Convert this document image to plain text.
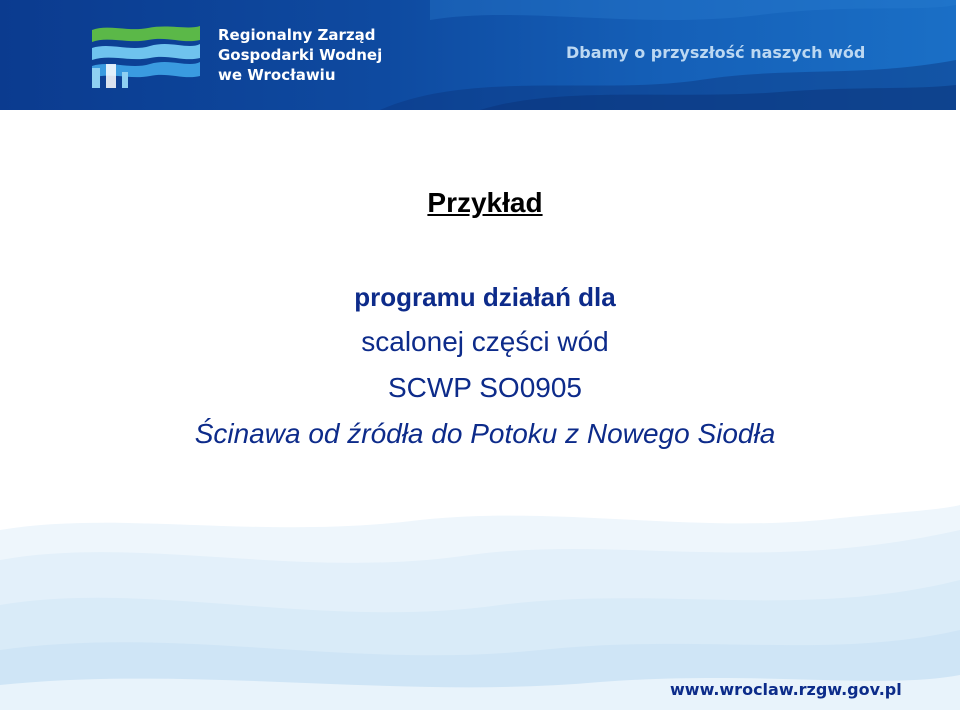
Regionalny Zarząd
Gospodarki Wodnej
we Wrocławiu
Dbamy o przyszłość naszych wód
Przykład
programu działań dla
scalonej części wód
SCWP SO0905
Ścinawa od źródła do Potoku z Nowego Siodła
www.wroclaw.rzgw.gov.pl
